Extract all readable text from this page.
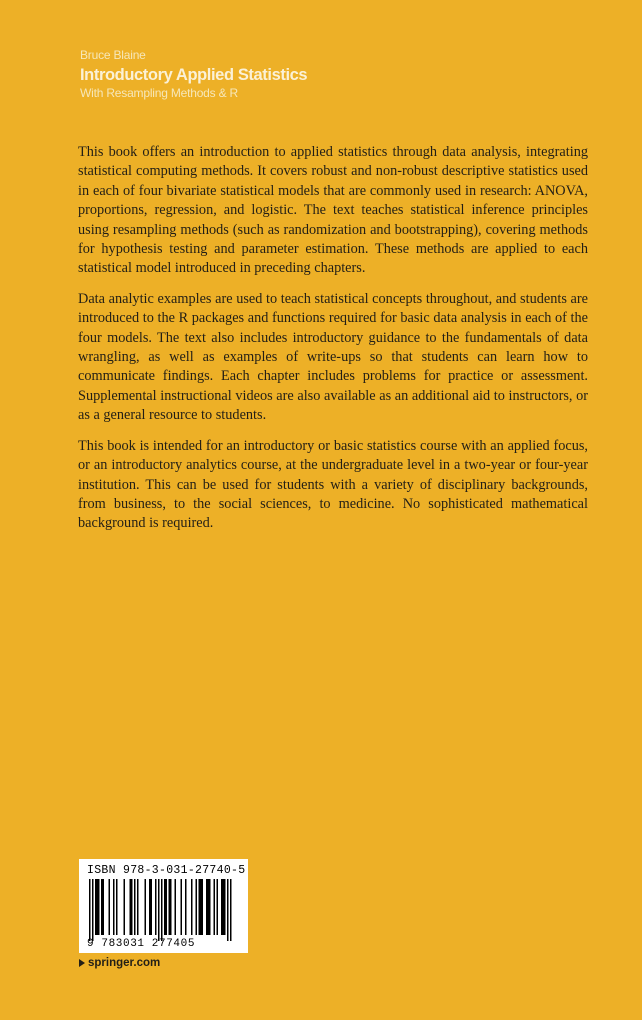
Bruce Blaine
Introductory Applied Statistics
With Resampling Methods & R

This book offers an introduction to applied statistics through data analysis, integrating statistical computing methods. It covers robust and non-robust descriptive statistics used in each of four bivariate statistical models that are commonly used in research: ANOVA, proportions, regression, and logistic. The text teaches statistical inference principles using resampling methods (such as randomization and bootstrapping), covering methods for hypothesis testing and parameter estimation. These methods are applied to each statistical model introduced in preceding chapters.

Data analytic examples are used to teach statistical concepts throughout, and students are introduced to the R packages and functions required for basic data analysis in each of the four models. The text also includes introductory guidance to the fundamentals of data wrangling, as well as examples of write-ups so that students can learn how to communicate findings. Each chapter includes problems for practice or assessment. Supplemental instructional videos are also available as an additional aid to instructors, or as a general resource to students.

This book is intended for an introductory or basic statistics course with an applied focus, or an introductory analytics course, at the undergraduate level in a two-year or four-year institution. This can be used for students with a variety of disciplinary backgrounds, from business, to the social sciences, to medicine. No sophisticated mathematical background is required.

ISBN 978-3-031-27740-5
9 783031 277405
springer.com
